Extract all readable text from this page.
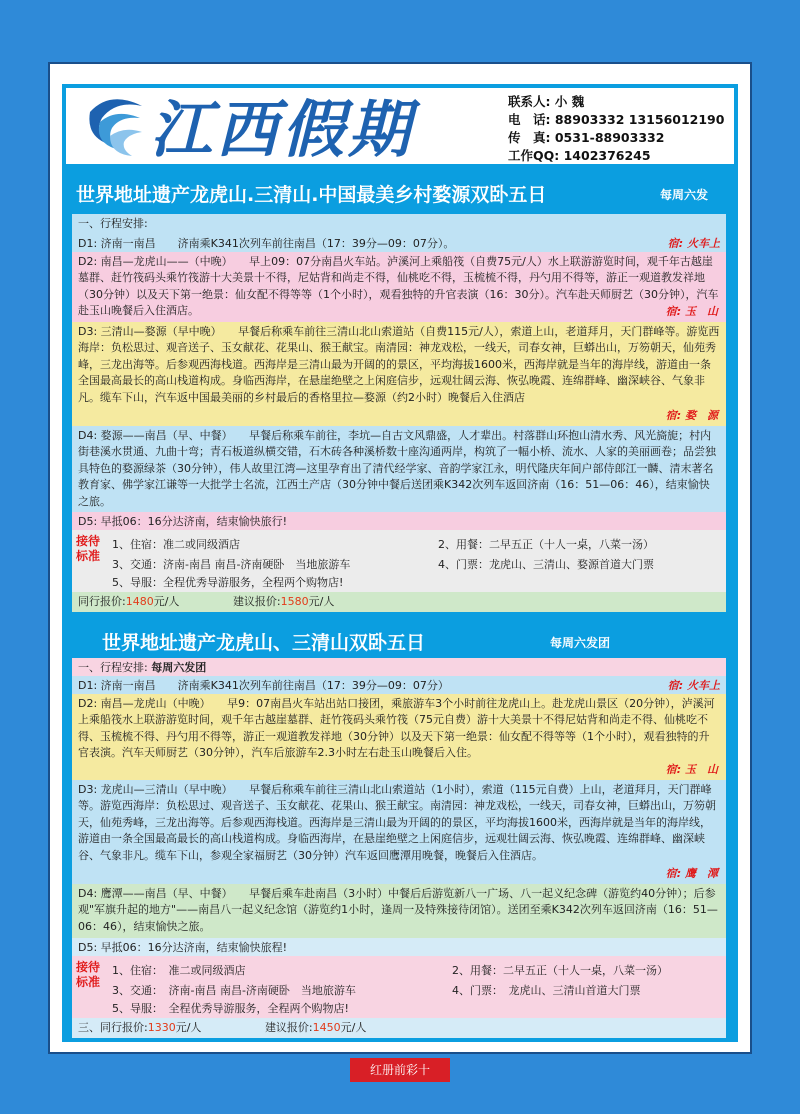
江西假期	联系人: 小 魏
电　话: 88903332 13156012190
传　真: 0531-88903332
工作QQ: 1402376245
世界地址遗产龙虎山.三清山.中国最美乡村婺源双卧五日	每周六发
一、行程安排:
宿: 火车上
D1: 济南一南昌　　济南乘K341次列车前往南昌（17：39分—09：07分）。
D2: 南昌—龙虎山——（中晚）　　早上09：07分南昌火车站。泸溪河上乘船筏（自费75元/人）水上联游游览时间，观千年古越崖墓群、赶竹筏码头乘竹筏游十大美景十不得，尼姑背和尚走不得，仙桃吃不得，玉梳梳不得，丹勺用不得等，游正一观道教发祥地（30分钟）以及天下第一绝景：仙女配不得等等（1个小时），观看独特的升官表演（16：30分）。汽车赴天师厨艺（30分钟），汽车赴玉山晚餐后入住酒店。	宿: 玉　山
D3: 三清山—婺源（早中晚）　　早餐后称乘车前往三清山北山索道站（自费115元/人），索道上山，老道拜月，天门群峰等。游览西海岸：负松思过、观音送子、玉女献花、花果山、猴王献宝。南清园：神龙戏松，一线天，司春女神，巨蟒出山，万笏朝天，仙苑秀峰，三龙出海等。后参观西海栈道。西海岸是三清山最为开阔的的景区，平均海拔1600米，西海岸就是当年的海岸线，游道由一条全国最高最长的高山栈道构成。身临西海岸，在悬崖绝壁之上闲庭信步，远观壮阔云海、恢弘晚霞、连绵群峰、幽深峡谷、气象非凡。缆车下山，汽车返中国最美丽的乡村最后的香格里拉—婺源（约2小时）晚餐后入住酒店
宿: 婺　源
D4: 婺源——南昌（早、中餐）　　早餐后称乘车前往，李坑—自古文风鼎盛，人才辈出。村落群山环抱山清水秀、风光旖旎；村内街巷溪水贯通、九曲十弯；青石板道纵横交错，石木砖各种溪桥数十座沟通两岸，构筑了一幅小桥、流水、人家的美丽画卷；品尝独具特色的婺源绿茶（30分钟），伟人故里江湾—这里孕育出了清代经学家、音韵学家江永，明代隆庆年间户部侍郎江一麟、清末著名教育家、佛学家江谦等一大批学士名流，江西土产店（30分钟中餐后送团乘K342次列车返回济南（16：51—06：46），结束愉快之旅。
D5: 早抵06：16分达济南，结束愉快旅行!
接待标准
1、住宿：准二或同级酒店	2、用餐：二早五正（十人一桌，八菜一汤）
3、交通：济南-南昌 南昌-济南硬卧　当地旅游车	4、门票：龙虎山、三清山、婺源首道大门票
5、导服：全程优秀导游服务，全程两个购物店!
同行报价:1480元/人	建议报价:1580元/人
世界地址遗产龙虎山、三清山双卧五日	每周六发团
一、行程安排: 每周六发团
宿: 火车上
D1: 济南一南昌　　济南乘K341次列车前往南昌（17：39分—09：07分）
D2: 南昌—龙虎山（中晚）　　早9：07南昌火车站出站口接团，乘旅游车3个小时前往龙虎山上。赴龙虎山景区（20分钟），泸溪河上乘船筏水上联游游览时间，观千年古越崖墓群、赶竹筏码头乘竹筏（75元自费）游十大美景十不得尼姑背和尚走不得、仙桃吃不得、玉梳梳不得、丹勺用不得等，游正一观道教发祥地（30分钟）以及天下第一绝景：仙女配不得等等（1个小时），观看独特的升官表演。汽车天师厨艺（30分钟），汽车后旅游车2.3小时左右赴玉山晚餐后入住。
宿: 玉　山
D3: 龙虎山—三清山（早中晚）　　早餐后称乘车前往三清山北山索道站（1小时），索道（115元自费）上山，老道拜月，天门群峰等。游览西海岸：负松思过、观音送子、玉女献花、花果山、猴王献宝。南清园：神龙戏松，一线天，司春女神，巨蟒出山，万笏朝天，仙苑秀峰，三龙出海等。后参观西海栈道。西海岸是三清山最为开阔的的景区，平均海拔1600米，西海岸就是当年的海岸线，游道由一条全国最高最长的高山栈道构成。身临西海岸，在悬崖绝壁之上闲庭信步，远观壮阔云海、恢弘晚霞、连绵群峰、幽深峡谷、气象非凡。缆车下山，参观全家福厨艺（30分钟）汽车返回鹰潭用晚餐，晚餐后入住酒店。
宿: 鹰　潭
D4: 鹰潭——南昌（早、中餐）　　早餐后乘车赴南昌（3小时）中餐后后游览新八一广场、八一起义纪念碑（游览约40分钟）；后参观"军旗升起的地方"——南昌八一起义纪念馆（游览约1小时，逢周一及特殊接待闭馆）。送团至乘K342次列车返回济南（16：51—06：46），结束愉快之旅。
D5: 早抵06：16分达济南，结束愉快旅程!
接待标准
1、住宿：　准二或同级酒店	2、用餐：二早五正（十人一桌，八菜一汤）
3、交通：　济南-南昌 南昌-济南硬卧　当地旅游车	4、门票：　龙虎山、三清山首道大门票
5、导服：　全程优秀导游服务，全程两个购物店!
三、同行报价:1330元/人	建议报价:1450元/人
红册前彩十
